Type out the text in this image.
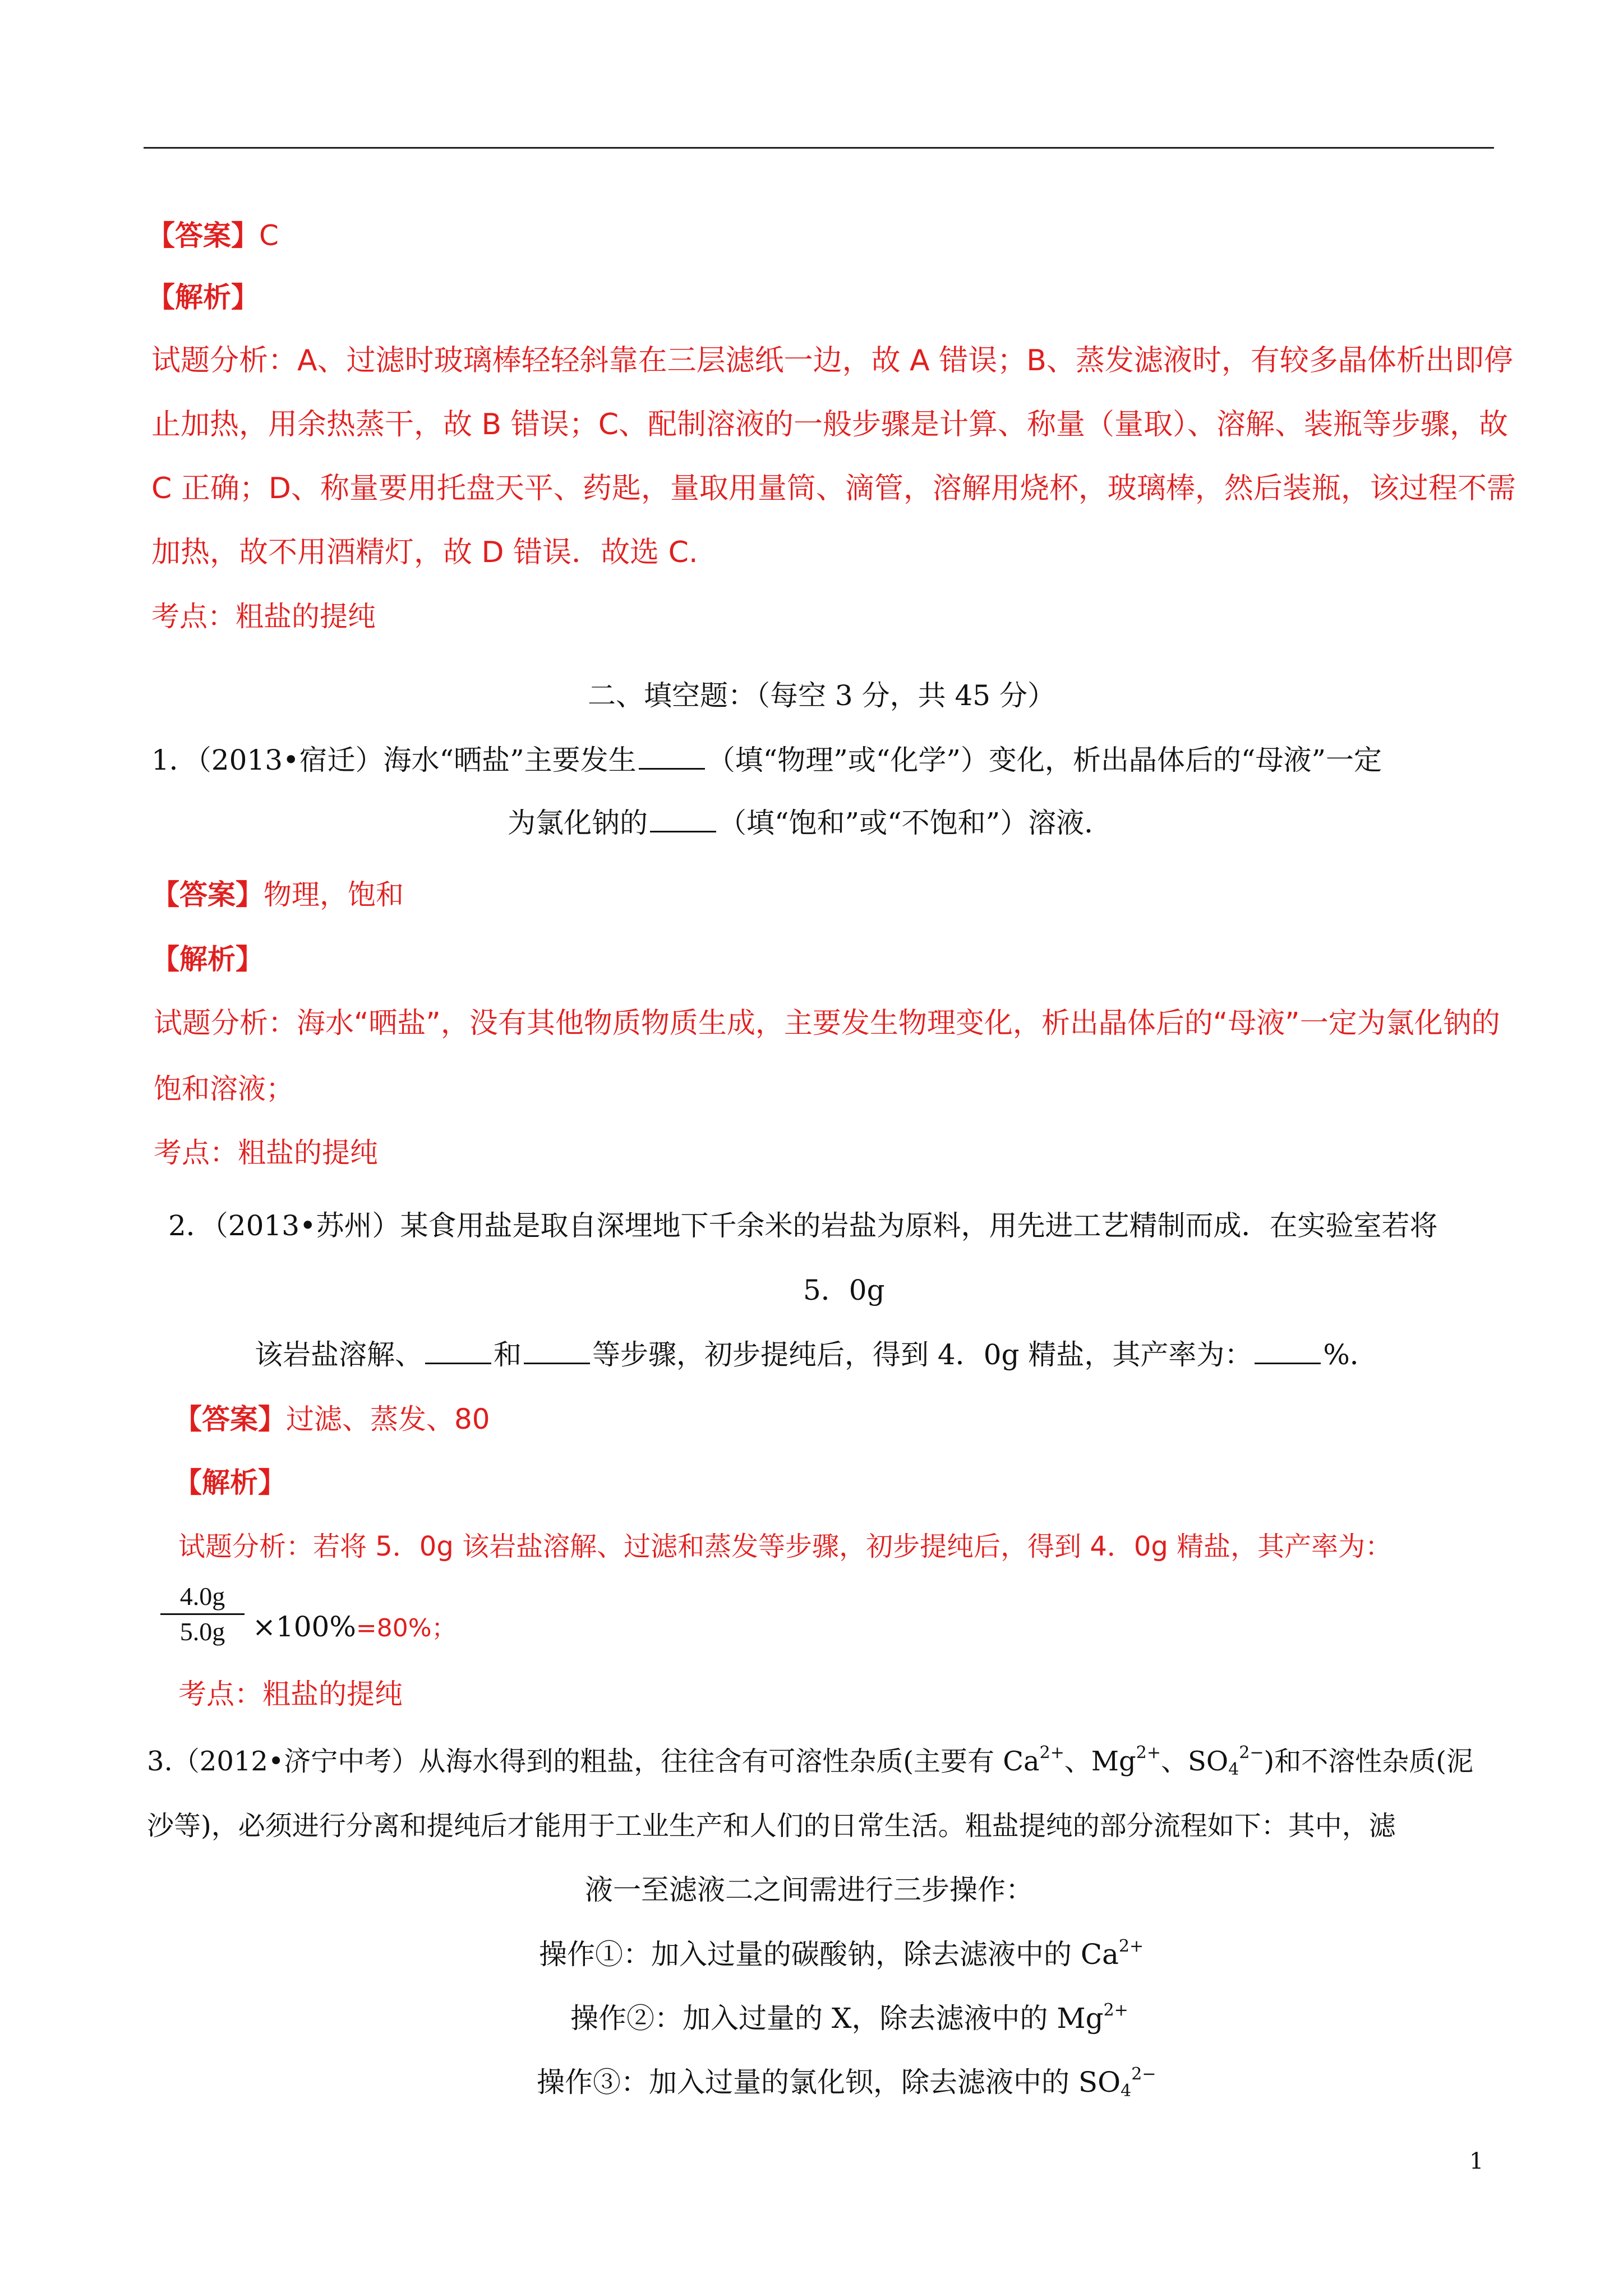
【答案】C
【解析】
试题分析：A、过滤时玻璃棒轻轻斜靠在三层滤纸一边，故 A 错误；B、蒸发滤液时，有较多晶体析出即停
止加热，用余热蒸干，故 B 错误；C、配制溶液的一般步骤是计算、称量（量取）、溶解、装瓶等步骤，故
C 正确；D、称量要用托盘天平、药匙，量取用量筒、滴管，溶解用烧杯，玻璃棒，然后装瓶，该过程不需
加热，故不用酒精灯，故 D 错误．故选 C.
考点：粗盐的提纯
二、填空题：（每空 3 分，共 45 分）
1．（2013•宿迁）海水“晒盐”主要发生	（填“物理”或“化学”）变化，析出晶体后的“母液”一定
为氯化钠的	（填“饱和”或“不饱和”）溶液．
【答案】物理，饱和
【解析】
试题分析：海水“晒盐”，没有其他物质物质生成，主要发生物理变化，析出晶体后的“母液”一定为氯化钠的
饱和溶液；
考点：粗盐的提纯
2．（2013•苏州）某食用盐是取自深埋地下千余米的岩盐为原料，用先进工艺精制而成．在实验室若将
5．0g
该岩盐溶解、	和	等步骤，初步提纯后，得到 4．0g 精盐，其产率为：	%．
【答案】过滤、蒸发、80
【解析】
试题分析：若将 5．0g 该岩盐溶解、过滤和蒸发等步骤，初步提纯后，得到 4．0g 精盐，其产率为：
4.0g
5.0g ×100%=80%；
考点：粗盐的提纯
3.（2012•济宁中考）从海水得到的粗盐，往往含有可溶性杂质(主要有 $Ca^{2+}$、$Mg^{2+}$、$SO_4^{2-}$)和不溶性杂质(泥
沙等)，必须进行分离和提纯后才能用于工业生产和人们的日常生活。粗盐提纯的部分流程如下：其中，滤
液一至滤液二之间需进行三步操作：
操作①：加入过量的碳酸钠，除去滤液中的 $Ca^{2+}$
操作②：加入过量的 X，除去滤液中的 $Mg^{2+}$
操作③：加入过量的氯化钡，除去滤液中的 $SO_4^{2-}$
1
